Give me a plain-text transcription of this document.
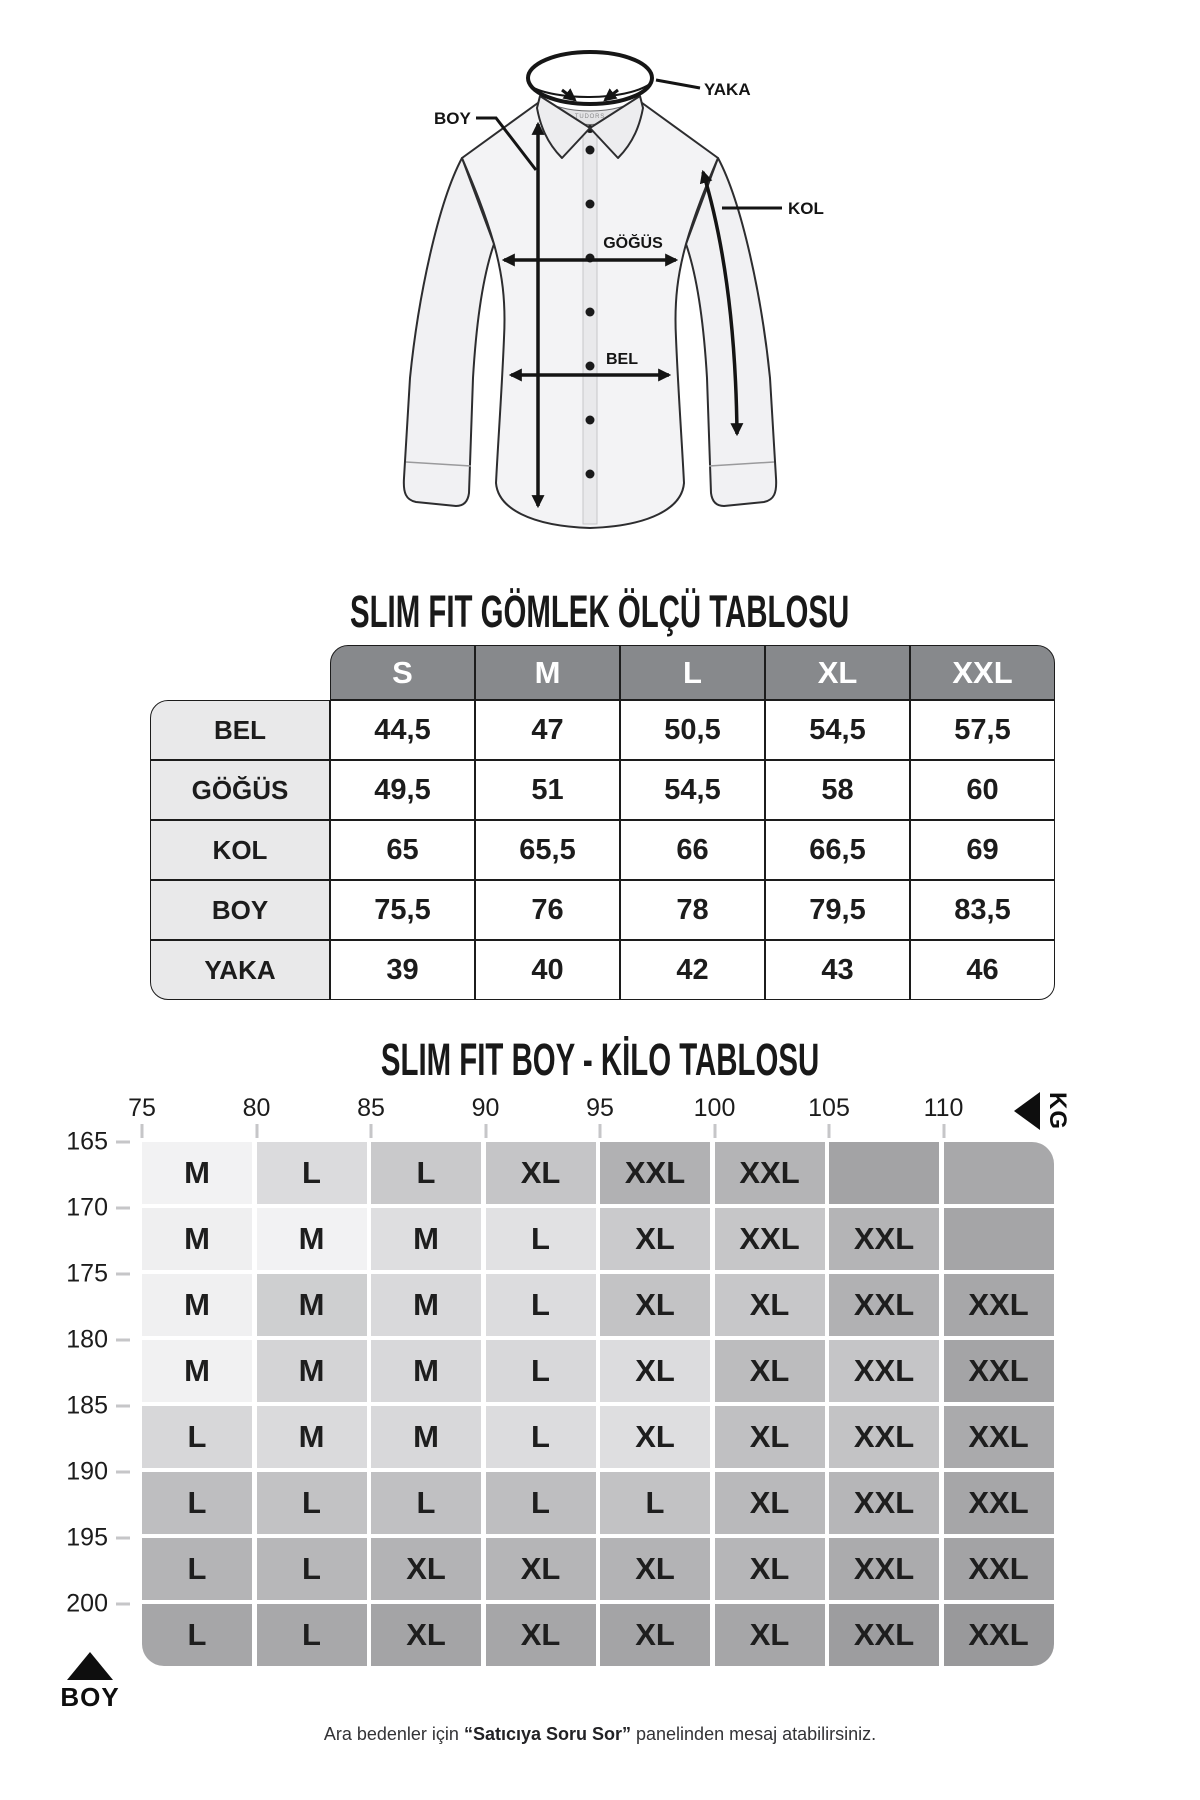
TUDORS
BOY
YAKA
KOL
GÖĞÜS
BEL
SLIM FIT GÖMLEK ÖLÇÜ TABLOSU
SLIM FIT BOY - KİLO TABLOSU
S	M	L	XL	XXL
BEL	44,5	47	50,5	54,5	57,5
GÖĞÜS	49,5	51	54,5	58	60
KOL	65	65,5	66	66,5	69
BOY	75,5	76	78	79,5	83,5
YAKA	39	40	42	43	46
M	L	L	XL	XXL	XXL
M	M	M	L	XL	XXL	XXL
M	M	M	L	XL	XL	XXL	XXL
M	M	M	L	XL	XL	XXL	XXL
L	M	M	L	XL	XL	XXL	XXL
L	L	L	L	L	XL	XXL	XXL
L	L	XL	XL	XL	XL	XXL	XXL
L	L	XL	XL	XL	XL	XXL	XXL
75	80	85	90	95	100	105	110
165
170
175
180
185
190
195
200
KG
BOY
Ara bedenler için “Satıcıya Soru Sor” panelinden mesaj atabilirsiniz.
